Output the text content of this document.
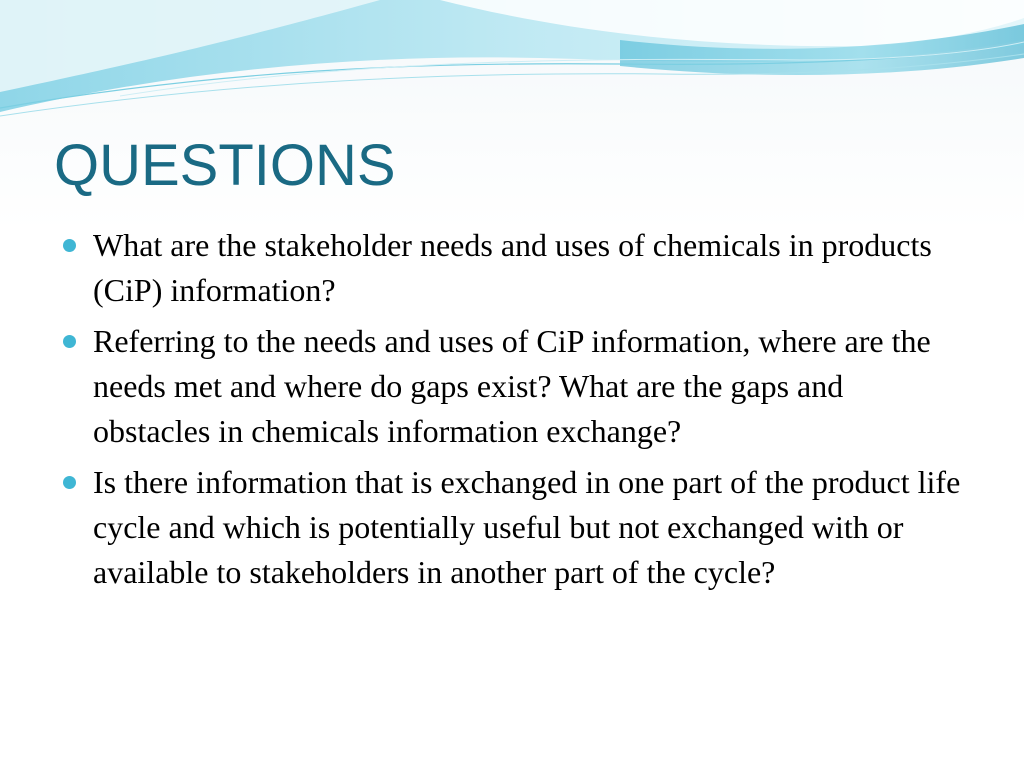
QUESTIONS
What are the stakeholder needs and uses of chemicals in products (CiP) information?
Referring to the needs and uses of CiP information, where are the needs met and where do gaps exist? What are the gaps and obstacles in chemicals information exchange?
Is there information that is exchanged in one part of the product life cycle and which is potentially useful but not exchanged with or available to stakeholders in another part of the cycle?
